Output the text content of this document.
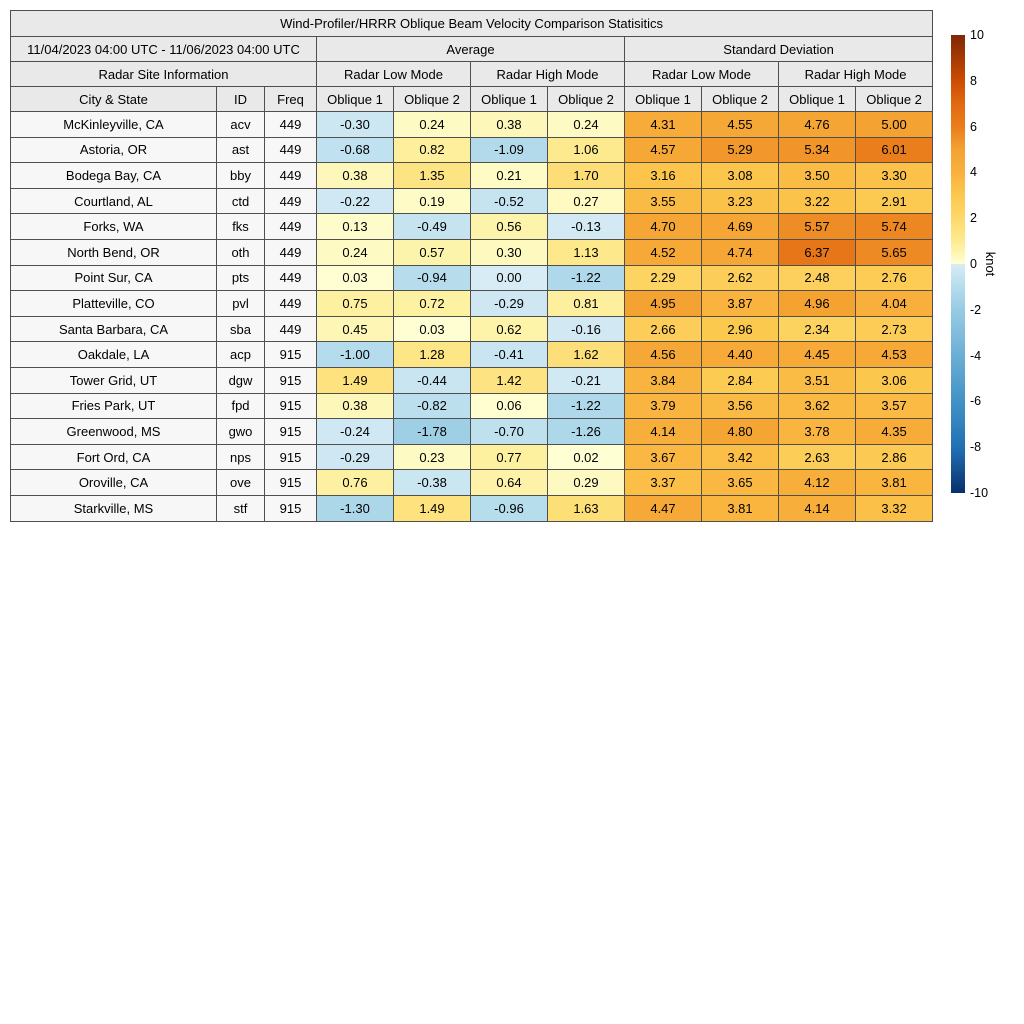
Wind-Profiler/HRRR Oblique Beam Velocity Comparison Statisitics										
11/04/2023 04:00 UTC - 11/06/2023 04:00 UTC			Average				Standard Deviation			
Radar Site Information			Radar Low Mode		Radar High Mode		Radar Low Mode		Radar High Mode	
City & State	ID	Freq	Oblique 1	Oblique 2	Oblique 1	Oblique 2	Oblique 1	Oblique 2	Oblique 1	Oblique 2
McKinleyville, CA	acv	449	-0.30	0.24	0.38	0.24	4.31	4.55	4.76	5.00
Astoria, OR	ast	449	-0.68	0.82	-1.09	1.06	4.57	5.29	5.34	6.01
Bodega Bay, CA	bby	449	0.38	1.35	0.21	1.70	3.16	3.08	3.50	3.30
Courtland, AL	ctd	449	-0.22	0.19	-0.52	0.27	3.55	3.23	3.22	2.91
Forks, WA	fks	449	0.13	-0.49	0.56	-0.13	4.70	4.69	5.57	5.74
North Bend, OR	oth	449	0.24	0.57	0.30	1.13	4.52	4.74	6.37	5.65
Point Sur, CA	pts	449	0.03	-0.94	0.00	-1.22	2.29	2.62	2.48	2.76
Platteville, CO	pvl	449	0.75	0.72	-0.29	0.81	4.95	3.87	4.96	4.04
Santa Barbara, CA	sba	449	0.45	0.03	0.62	-0.16	2.66	2.96	2.34	2.73
Oakdale, LA	acp	915	-1.00	1.28	-0.41	1.62	4.56	4.40	4.45	4.53
Tower Grid, UT	dgw	915	1.49	-0.44	1.42	-0.21	3.84	2.84	3.51	3.06
Fries Park, UT	fpd	915	0.38	-0.82	0.06	-1.22	3.79	3.56	3.62	3.57
Greenwood, MS	gwo	915	-0.24	-1.78	-0.70	-1.26	4.14	4.80	3.78	4.35
Fort Ord, CA	nps	915	-0.29	0.23	0.77	0.02	3.67	3.42	2.63	2.86
Oroville, CA	ove	915	0.76	-0.38	0.64	0.29	3.37	3.65	4.12	3.81
Starkville, MS	stf	915	-1.30	1.49	-0.96	1.63	4.47	3.81	4.14	3.32
10
8
6
4
2
0
-2
-4
-6
-8
-10
knot
